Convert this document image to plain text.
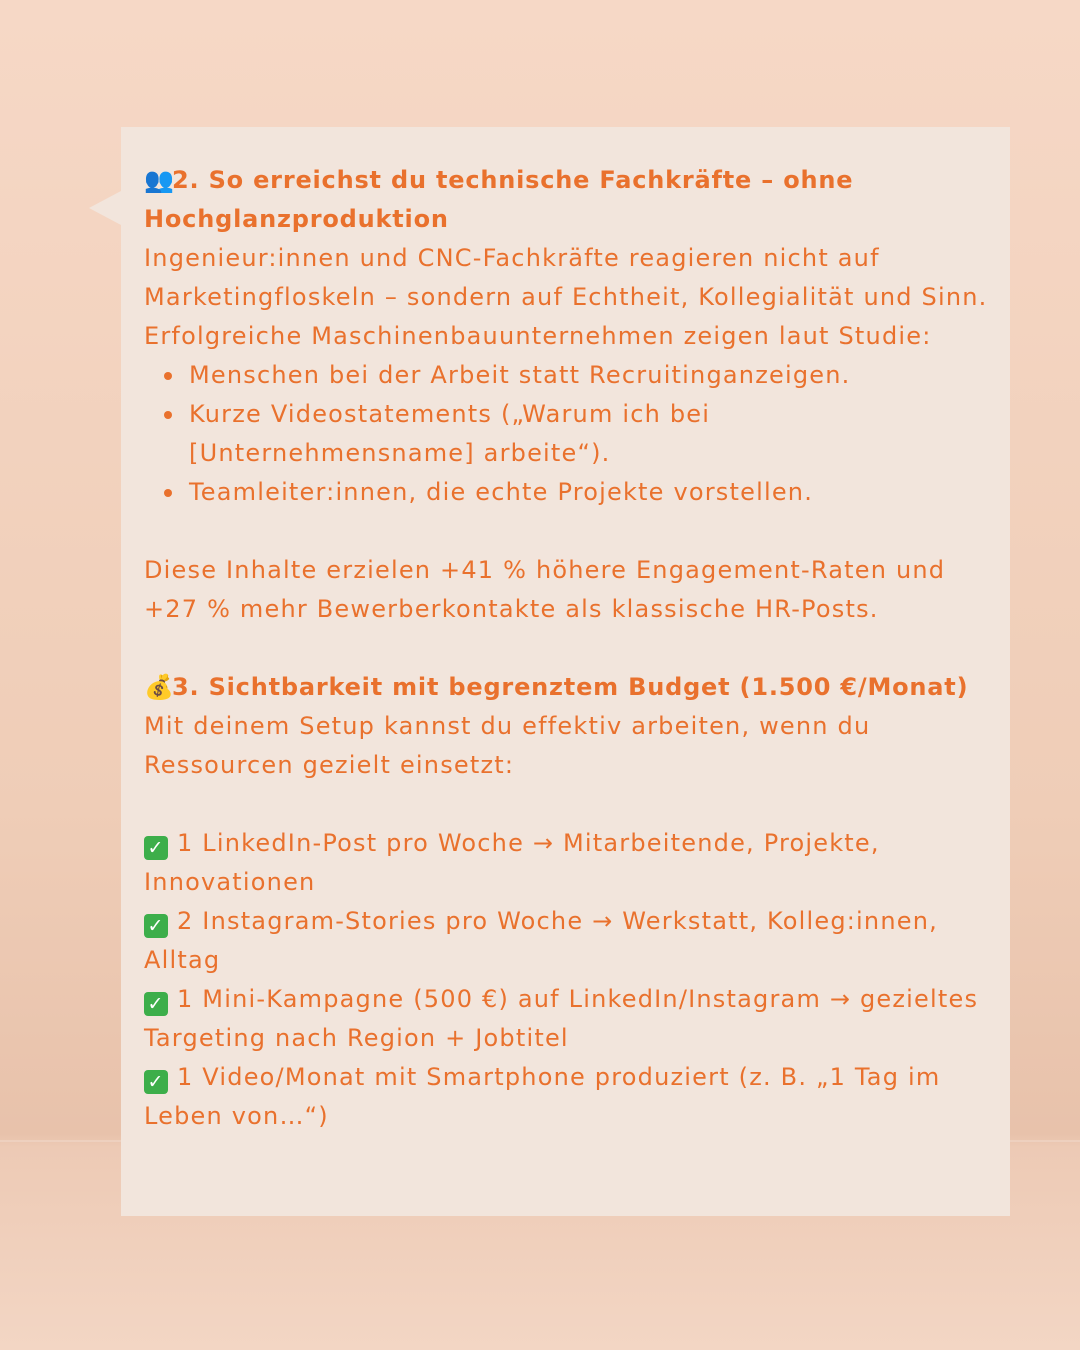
👥2. So erreichst du technische Fachkräfte – ohne Hochglanzproduktion

Ingenieur:innen und CNC-Fachkräfte reagieren nicht auf Marketingfloskeln – sondern auf Echtheit, Kollegialität und Sinn.

Erfolgreiche Maschinenbauunternehmen zeigen laut Studie:

Menschen bei der Arbeit statt Recruitinganzeigen.
Kurze Videostatements („Warum ich bei [Unternehmensname] arbeite“).
Teamleiter:innen, die echte Projekte vorstellen.

Diese Inhalte erzielen +41 % höhere Engagement-Raten und +27 % mehr Bewerberkontakte als klassische HR-Posts.

💰3. Sichtbarkeit mit begrenztem Budget (1.500 €/Monat)

Mit deinem Setup kannst du effektiv arbeiten, wenn du Ressourcen gezielt einsetzt:

✓ 1 LinkedIn-Post pro Woche → Mitarbeitende, Projekte, Innovationen

✓ 2 Instagram-Stories pro Woche → Werkstatt, Kolleg:innen, Alltag

✓ 1 Mini-Kampagne (500 €) auf LinkedIn/Instagram → gezieltes Targeting nach Region + Jobtitel

✓ 1 Video/Monat mit Smartphone produziert (z. B. „1 Tag im Leben von…“)
